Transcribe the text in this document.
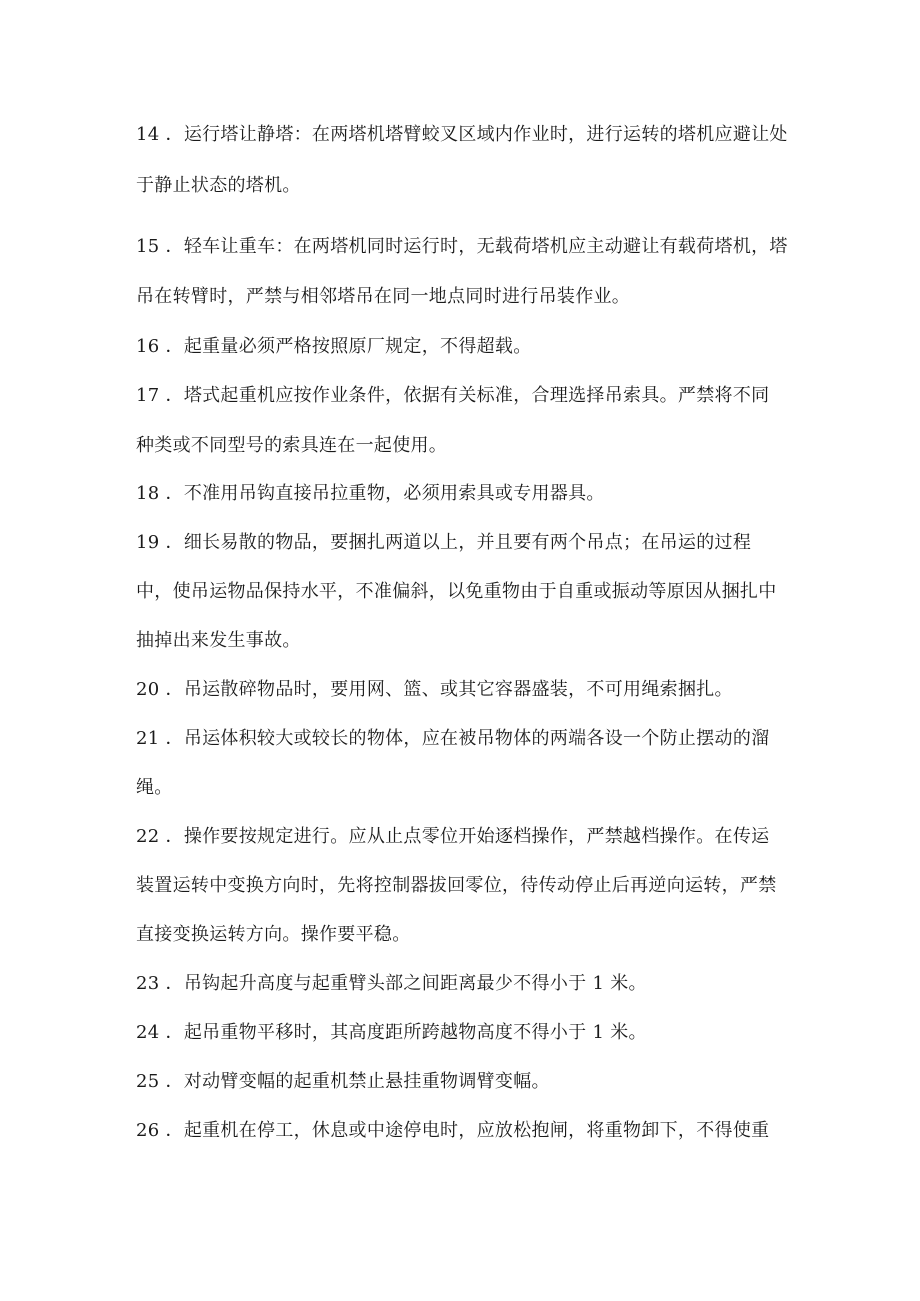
14 ．运行塔让静塔：在两塔机塔臂蛟叉区域内作业时，进行运转的塔机应避让处
于静止状态的塔机。
15 ．轻车让重车：在两塔机同时运行时，无载荷塔机应主动避让有载荷塔机，塔
吊在转臂时，严禁与相邻塔吊在同一地点同时进行吊装作业。
16 ．起重量必须严格按照原厂规定，不得超载。
17 ．塔式起重机应按作业条件，依据有关标准，合理选择吊索具。严禁将不同
种类或不同型号的索具连在一起使用。
18 ．不准用吊钩直接吊拉重物，必须用索具或专用器具。
19 ．细长易散的物品，要捆扎两道以上，并且要有两个吊点；在吊运的过程
中，使吊运物品保持水平，不准偏斜，以免重物由于自重或振动等原因从捆扎中
抽掉出来发生事故。
20 ．吊运散碎物品时，要用网、篮、或其它容器盛装，不可用绳索捆扎。
21 ．吊运体积较大或较长的物体，应在被吊物体的两端各设一个防止摆动的溜
绳。
22 ．操作要按规定进行。应从止点零位开始逐档操作，严禁越档操作。在传运
装置运转中变换方向时，先将控制器拔回零位，待传动停止后再逆向运转，严禁
直接变换运转方向。操作要平稳。
23 ．吊钩起升高度与起重臂头部之间距离最少不得小于 1 米。
24 ．起吊重物平移时，其高度距所跨越物高度不得小于 1 米。
25 ．对动臂变幅的起重机禁止悬挂重物调臂变幅。
26 ．起重机在停工，休息或中途停电时，应放松抱闸，将重物卸下，不得使重
